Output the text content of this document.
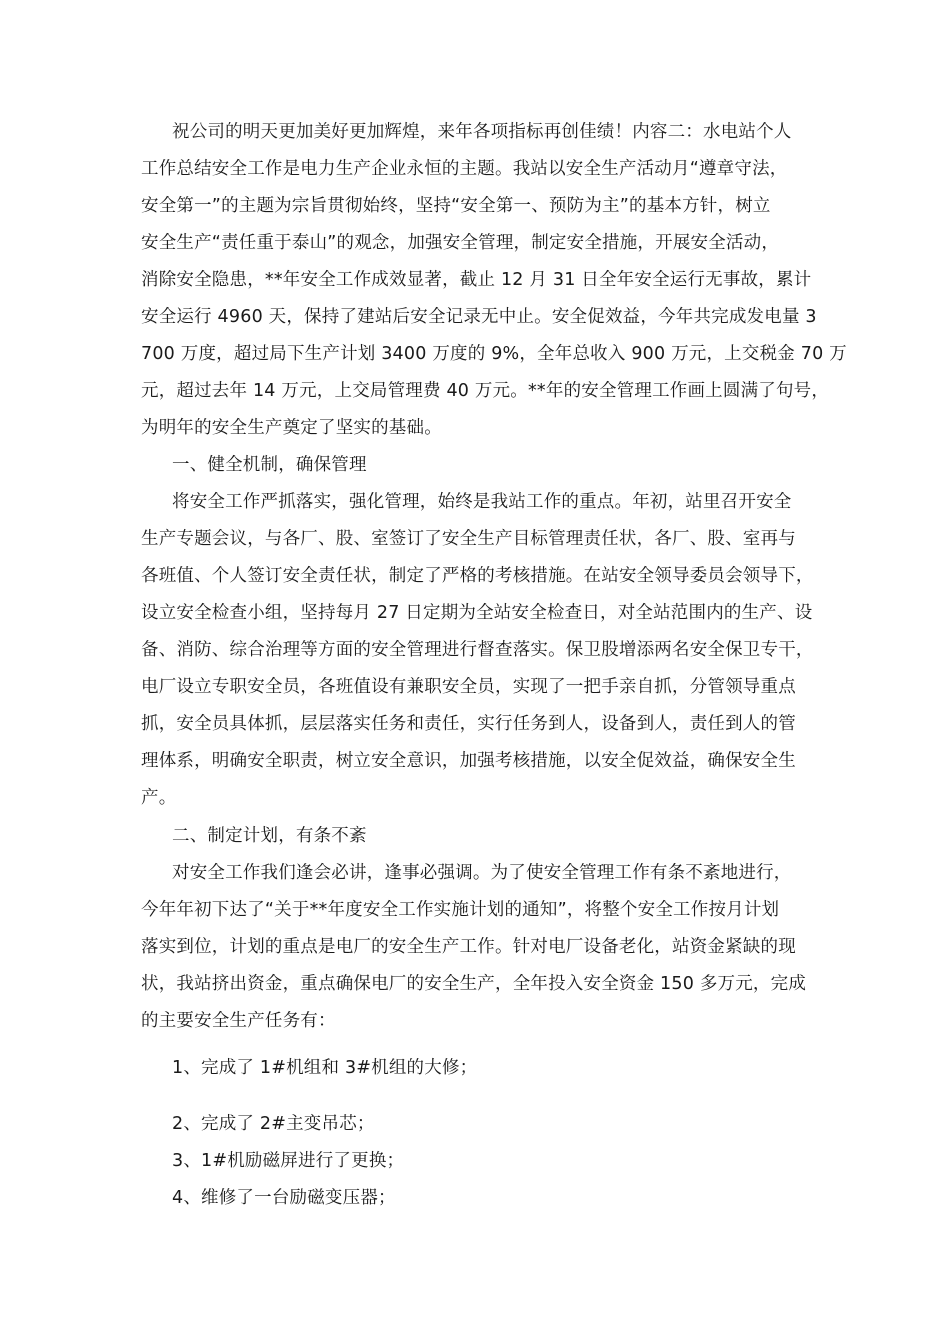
祝公司的明天更加美好更加辉煌，来年各项指标再创佳绩！内容二：水电站个人
工作总结安全工作是电力生产企业永恒的主题。我站以安全生产活动月“遵章守法，
安全第一”的主题为宗旨贯彻始终，坚持“安全第一、预防为主”的基本方针，树立
安全生产“责任重于泰山”的观念，加强安全管理，制定安全措施，开展安全活动，
消除安全隐患，**年安全工作成效显著，截止 12 月 31 日全年安全运行无事故，累计
安全运行 4960 天，保持了建站后安全记录无中止。安全促效益，今年共完成发电量 3
700 万度，超过局下生产计划 3400 万度的 9%，全年总收入 900 万元，上交税金 70 万
元，超过去年 14 万元，上交局管理费 40 万元。**年的安全管理工作画上圆满了句号，
为明年的安全生产奠定了坚实的基础。
一、健全机制，确保管理
将安全工作严抓落实，强化管理，始终是我站工作的重点。年初，站里召开安全
生产专题会议，与各厂、股、室签订了安全生产目标管理责任状，各厂、股、室再与
各班值、个人签订安全责任状，制定了严格的考核措施。在站安全领导委员会领导下，
设立安全检查小组，坚持每月 27 日定期为全站安全检查日，对全站范围内的生产、设
备、消防、综合治理等方面的安全管理进行督查落实。保卫股增添两名安全保卫专干，
电厂设立专职安全员，各班值设有兼职安全员，实现了一把手亲自抓，分管领导重点
抓，安全员具体抓，层层落实任务和责任，实行任务到人，设备到人，责任到人的管
理体系，明确安全职责，树立安全意识，加强考核措施，以安全促效益，确保安全生
产。
二、制定计划，有条不紊
对安全工作我们逢会必讲，逢事必强调。为了使安全管理工作有条不紊地进行，
今年年初下达了“关于**年度安全工作实施计划的通知”，将整个安全工作按月计划
落实到位，计划的重点是电厂的安全生产工作。针对电厂设备老化，站资金紧缺的现
状，我站挤出资金，重点确保电厂的安全生产，全年投入安全资金 150 多万元，完成
的主要安全生产任务有：
1、完成了 1#机组和 3#机组的大修；
2、完成了 2#主变吊芯；
3、1#机励磁屏进行了更换；
4、维修了一台励磁变压器；
